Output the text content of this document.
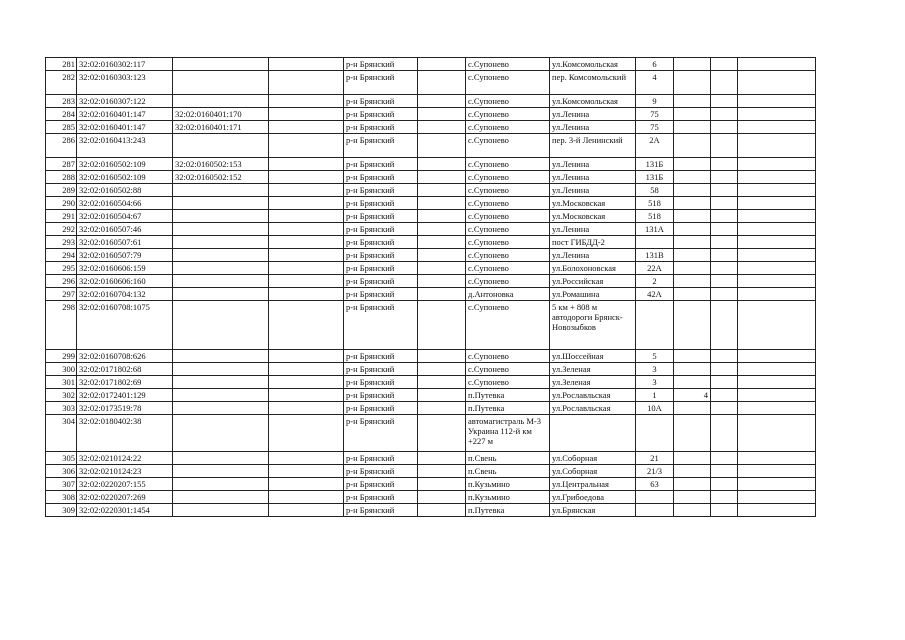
281	32:02:0160302:117			р-н Брянский		с.Супонево	ул.Комсомольская	6			
282	32:02:0160303:123			р-н Брянский		с.Супонево	пер. Комсомольский	4			
283	32:02:0160307:122			р-н Брянский		с.Супонево	ул.Комсомольская	9			
284	32:02:0160401:147	32:02:0160401:170		р-н Брянский		с.Супонево	ул.Ленина	75			
285	32:02:0160401:147	32:02:0160401:171		р-н Брянский		с.Супонево	ул.Ленина	75			
286	32:02:0160413:243			р-н Брянский		с.Супонево	пер. 3-й Ленинский	2А			
287	32:02:0160502:109	32:02:0160502:153		р-н Брянский		с.Супонево	ул.Ленина	131Б			
288	32:02:0160502:109	32:02:0160502:152		р-н Брянский		с.Супонево	ул.Ленина	131Б			
289	32:02:0160502:88			р-н Брянский		с.Супонево	ул.Ленина	58			
290	32:02:0160504:66			р-н Брянский		с.Супонево	ул.Московская	518			
291	32:02:0160504:67			р-н Брянский		с.Супонево	ул.Московская	518			
292	32:02:0160507:46			р-н Брянский		с.Супонево	ул.Ленина	131А			
293	32:02:0160507:61			р-н Брянский		с.Супонево	пост ГИБДД-2				
294	32:02:0160507:79			р-н Брянский		с.Супонево	ул.Ленина	131В			
295	32:02:0160606:159			р-н Брянский		с.Супонево	ул.Болохоновская	22А			
296	32:02:0160606:160			р-н Брянский		с.Супонево	ул.Российская	2			
297	32:02:0160704:132			р-н Брянский		д.Антоновка	ул.Ромашина	42А			
298	32:02:0160708:1075			р-н Брянский		с.Супонево	5 км + 808 м автодороги Брянск-Новозыбков				
299	32:02:0160708:626			р-н Брянский		с.Супонево	ул.Шоссейная	5			
300	32:02:0171802:68			р-н Брянский		с.Супонево	ул.Зеленая	3			
301	32:02:0171802:69			р-н Брянский		с.Супонево	ул.Зеленая	3			
302	32:02:0172401:129			р-н Брянский		п.Путевка	ул.Рославльская	1	4		
303	32:02:0173519:78			р-н Брянский		п.Путевка	ул.Рославльская	10А			
304	32:02:0180402:38			р-н Брянский		автомагистраль М-3 Украина 112-й км +227 м					
305	32:02:0210124:22			р-н Брянский		п.Свень	ул.Соборная	21			
306	32:02:0210124:23			р-н Брянский		п.Свень	ул.Соборная	21/3			
307	32:02:0220207:155			р-н Брянский		п.Кузьмино	ул.Центральная	63			
308	32:02:0220207:269			р-н Брянский		п.Кузьмино	ул.Грибоедова				
309	32:02:0220301:1454			р-н Брянский		п.Путевка	ул.Брянская				
